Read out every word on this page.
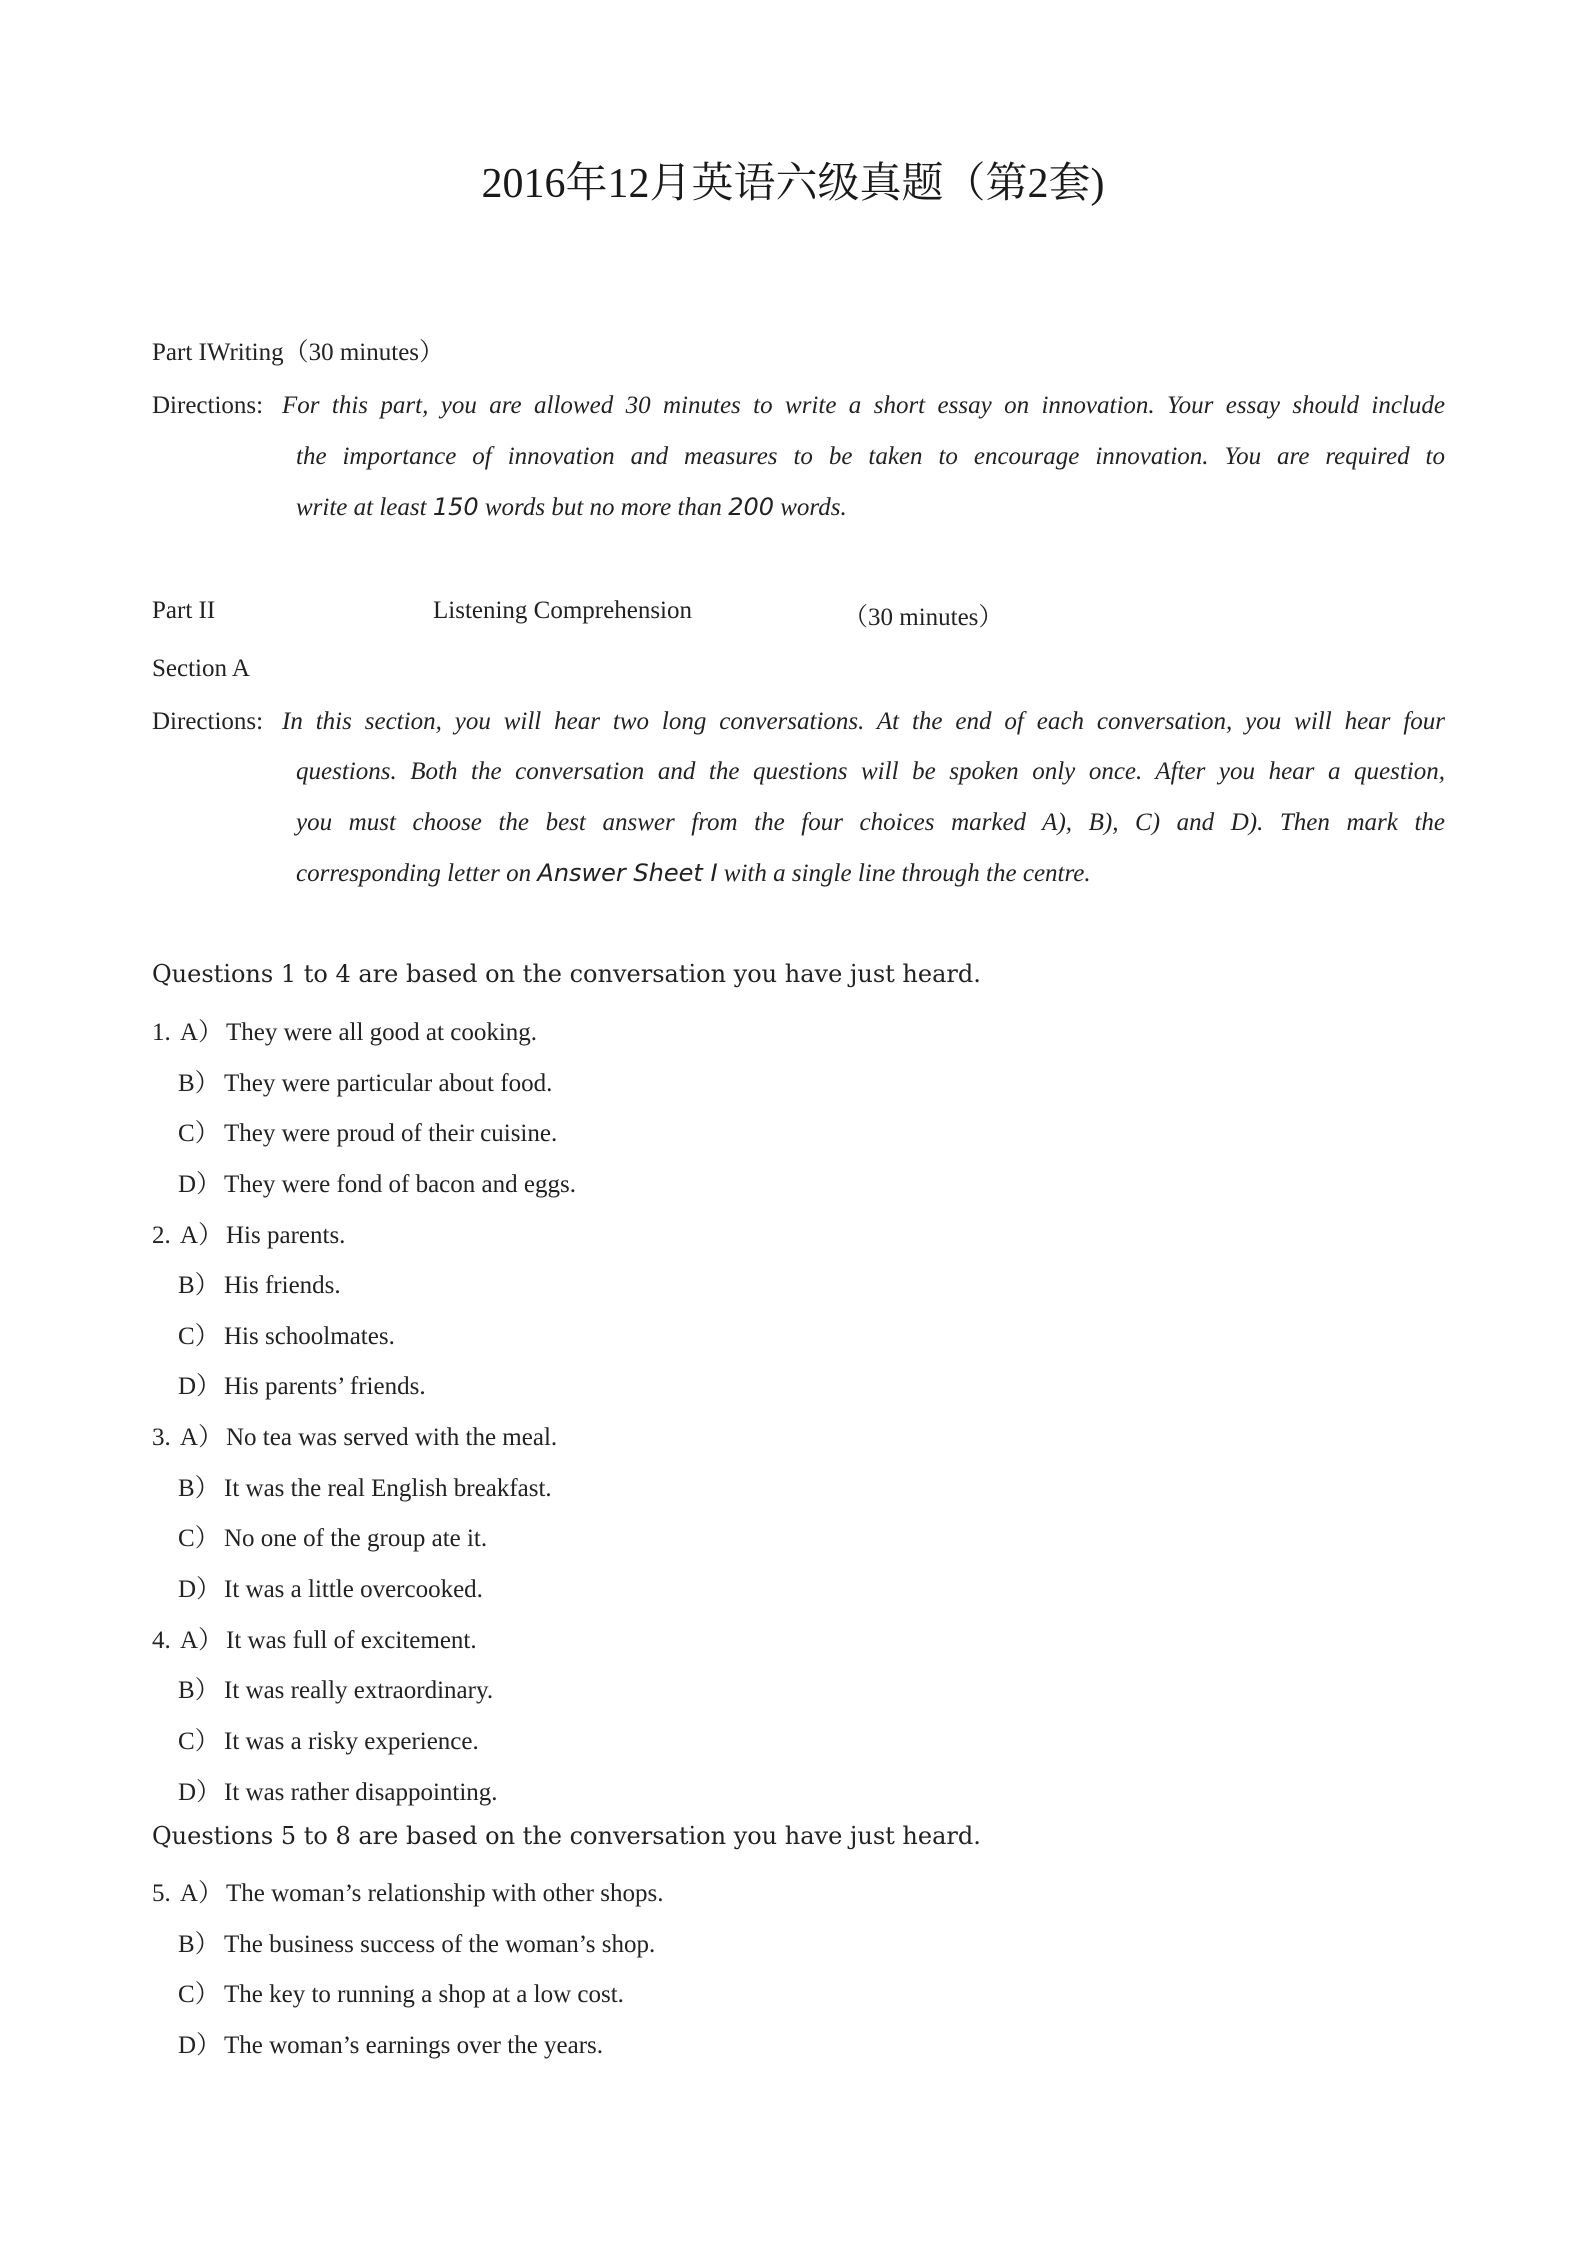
2016年12月英语六级真题（第2套)
Part IWriting（30 minutes）
Directions: For this part, you are allowed 30 minutes to write a short essay on innovation. Your essay should include
the importance of innovation and measures to be taken to encourage innovation. You are required to
write at least 150 words but no more than 200 words.
Part II	Listening Comprehension	（30 minutes）
Section A
Directions: In this section, you will hear two long conversations. At the end of each conversation, you will hear four
questions. Both the conversation and the questions will be spoken only once. After you hear a question,
you must choose the best answer from the four choices marked A), B), C) and D). Then mark the
corresponding letter on Answer Sheet I with a single line through the centre.
Questions 1 to 4 are based on the conversation you have just heard.
1. A） They were all good at cooking.
B） They were particular about food.
C） They were proud of their cuisine.
D） They were fond of bacon and eggs.
2. A） His parents.
B） His friends.
C） His schoolmates.
D） His parents’ friends.
3. A） No tea was served with the meal.
B） It was the real English breakfast.
C） No one of the group ate it.
D） It was a little overcooked.
4. A） It was full of excitement.
B） It was really extraordinary.
C） It was a risky experience.
D） It was rather disappointing.
Questions 5 to 8 are based on the conversation you have just heard.
5. A） The woman’s relationship with other shops.
B） The business success of the woman’s shop.
C） The key to running a shop at a low cost.
D） The woman’s earnings over the years.
